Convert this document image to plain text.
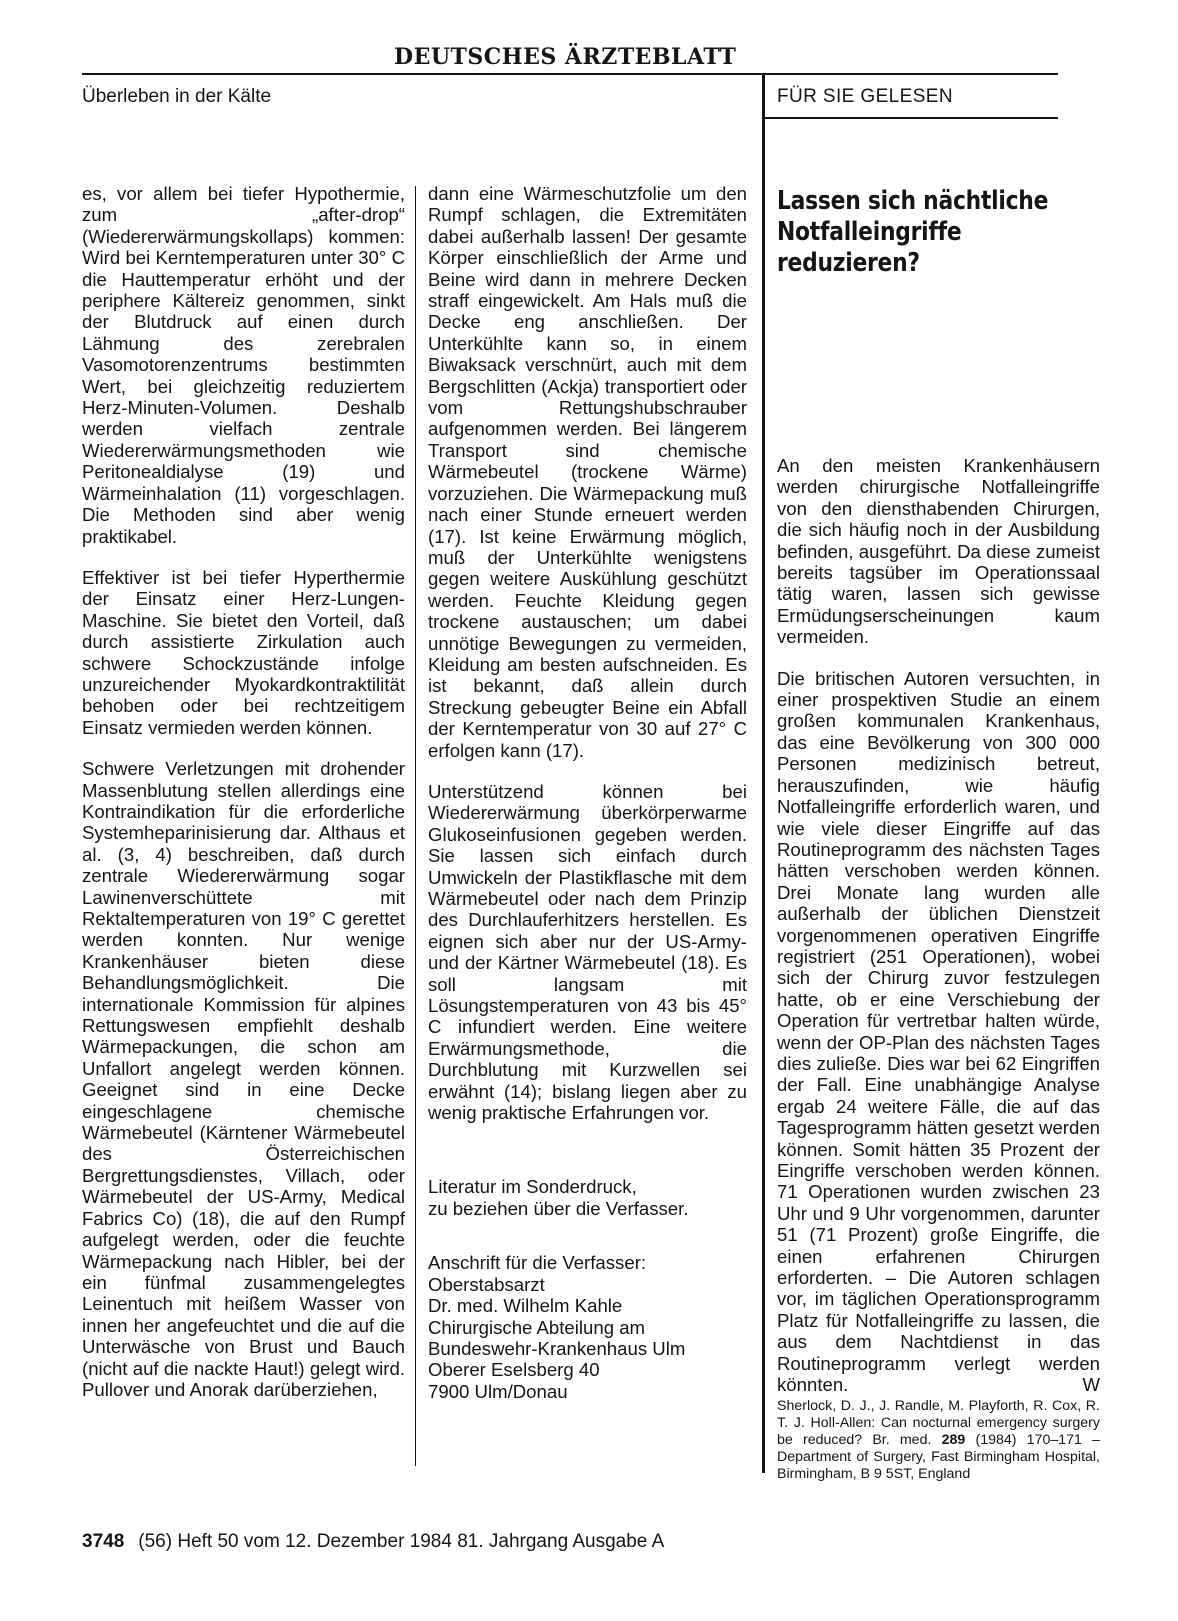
DEUTSCHES ÄRZTEBLATT
Überleben in der Kälte	FÜR SIE GELESEN

es, vor allem bei tiefer Hypothermie, zum „after-drop“ (Wiedererwärmungskollaps) kommen: Wird bei Kerntemperaturen unter 30° C die Hauttemperatur erhöht und der periphere Kältereiz genommen, sinkt der Blutdruck auf einen durch Lähmung des zerebralen Vasomotorenzentrums bestimmten Wert, bei gleichzeitig reduziertem Herz-Minuten-Volumen. Deshalb werden vielfach zentrale Wiedererwärmungsmethoden wie Peritonealdialyse (19) und Wärmeinhalation (11) vorgeschlagen. Die Methoden sind aber wenig praktikabel.

Effektiver ist bei tiefer Hyperthermie der Einsatz einer Herz-Lungen-Maschine. Sie bietet den Vorteil, daß durch assistierte Zirkulation auch schwere Schockzustände infolge unzureichender Myokardkontraktilität behoben oder bei rechtzeitigem Einsatz vermieden werden können.

Schwere Verletzungen mit drohender Massenblutung stellen allerdings eine Kontraindikation für die erforderliche Systemheparinisierung dar. Althaus et al. (3, 4) beschreiben, daß durch zentrale Wiedererwärmung sogar Lawinenverschüttete mit Rektaltemperaturen von 19° C gerettet werden konnten. Nur wenige Krankenhäuser bieten diese Behandlungsmöglichkeit. Die internationale Kommission für alpines Rettungswesen empfiehlt deshalb Wärmepackungen, die schon am Unfallort angelegt werden können. Geeignet sind in eine Decke eingeschlagene chemische Wärmebeutel (Kärntener Wärmebeutel des Österreichischen Bergrettungsdienstes, Villach, oder Wärmebeutel der US-Army, Medical Fabrics Co) (18), die auf den Rumpf aufgelegt werden, oder die feuchte Wärmepackung nach Hibler, bei der ein fünfmal zusammengelegtes Leinentuch mit heißem Wasser von innen her angefeuchtet und die auf die Unterwäsche von Brust und Bauch (nicht auf die nackte Haut!) gelegt wird. Pullover und Anorak darüberziehen,

dann eine Wärmeschutzfolie um den Rumpf schlagen, die Extremitäten dabei außerhalb lassen! Der gesamte Körper einschließlich der Arme und Beine wird dann in mehrere Decken straff eingewickelt. Am Hals muß die Decke eng anschließen. Der Unterkühlte kann so, in einem Biwaksack verschnürt, auch mit dem Bergschlitten (Ackja) transportiert oder vom Rettungshubschrauber aufgenommen werden. Bei längerem Transport sind chemische Wärmebeutel (trockene Wärme) vorzuziehen. Die Wärmepackung muß nach einer Stunde erneuert werden (17). Ist keine Erwärmung möglich, muß der Unterkühlte wenigstens gegen weitere Auskühlung geschützt werden. Feuchte Kleidung gegen trockene austauschen; um dabei unnötige Bewegungen zu vermeiden, Kleidung am besten aufschneiden. Es ist bekannt, daß allein durch Streckung gebeugter Beine ein Abfall der Kerntemperatur von 30 auf 27° C erfolgen kann (17).

Unterstützend können bei Wiedererwärmung überkörperwarme Glukoseinfusionen gegeben werden. Sie lassen sich einfach durch Umwickeln der Plastikflasche mit dem Wärmebeutel oder nach dem Prinzip des Durchlauferhitzers herstellen. Es eignen sich aber nur der US-Army- und der Kärtner Wärmebeutel (18). Es soll langsam mit Lösungstemperaturen von 43 bis 45° C infundiert werden. Eine weitere Erwärmungsmethode, die Durchblutung mit Kurzwellen sei erwähnt (14); bislang liegen aber zu wenig praktische Erfahrungen vor.

Literatur im Sonderdruck,
zu beziehen über die Verfasser.
Anschrift für die Verfasser:
Oberstabsarzt
Dr. med. Wilhelm Kahle
Chirurgische Abteilung am
Bundeswehr-Krankenhaus Ulm
Oberer Eselsberg 40
7900 Ulm/Donau
Lassen sich nächtliche Notfalleingriffe reduzieren?

An den meisten Krankenhäusern werden chirurgische Notfalleingriffe von den diensthabenden Chirurgen, die sich häufig noch in der Ausbildung befinden, ausgeführt. Da diese zumeist bereits tagsüber im Operationssaal tätig waren, lassen sich gewisse Ermüdungserscheinungen kaum vermeiden.

Die britischen Autoren versuchten, in einer prospektiven Studie an einem großen kommunalen Krankenhaus, das eine Bevölkerung von 300 000 Personen medizinisch betreut, herauszufinden, wie häufig Notfalleingriffe erforderlich waren, und wie viele dieser Eingriffe auf das Routineprogramm des nächsten Tages hätten verschoben werden können. Drei Monate lang wurden alle außerhalb der üblichen Dienstzeit vorgenommenen operativen Eingriffe registriert (251 Operationen), wobei sich der Chirurg zuvor festzulegen hatte, ob er eine Verschiebung der Operation für vertretbar halten würde, wenn der OP-Plan des nächsten Tages dies zuließe. Dies war bei 62 Eingriffen der Fall. Eine unabhängige Analyse ergab 24 weitere Fälle, die auf das Tagesprogramm hätten gesetzt werden können. Somit hätten 35 Prozent der Eingriffe verschoben werden können. 71 Operationen wurden zwischen 23 Uhr und 9 Uhr vorgenommen, darunter 51 (71 Prozent) große Eingriffe, die einen erfahrenen Chirurgen erforderten. – Die Autoren schlagen vor, im täglichen Operationsprogramm Platz für Notfalleingriffe zu lassen, die aus dem Nachtdienst in das Routineprogramm verlegt werden könnten.	W

Sherlock, D. J., J. Randle, M. Playforth, R. Cox, R. T. J. Holl-Allen: Can nocturnal emergency surgery be reduced? Br. med. 289 (1984) 170–171 – Department of Surgery, Fast Birmingham Hospital, Birmingham, B 9 5ST, England
3748 (56) Heft 50 vom 12. Dezember 1984 81. Jahrgang Ausgabe A
